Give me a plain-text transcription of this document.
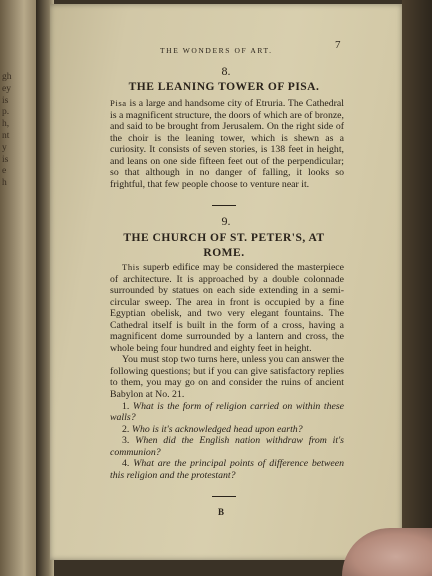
gh
ey
is
p.
h,
nt
y
is
e
h
THE WONDERS OF ART.	7
8.
THE LEANING TOWER OF PISA.

Pisa is a large and handsome city of Etruria. The Cathedral is a magnificent structure, the doors of which are of bronze, and said to be brought from Jerusalem. On the right side of the choir is the leaning tower, which is shewn as a curiosity. It consists of seven stories, is 138 feet in height, and leans on one side fifteen feet out of the perpendicular; so that although in no danger of falling, it looks so frightful, that few people choose to venture near it.

9.
THE CHURCH OF ST. PETER'S, AT ROME.

This superb edifice may be considered the masterpiece of architecture. It is approached by a double colonnade surrounded by statues on each side extending in a semi-circular sweep. The area in front is occupied by a fine Egyptian obelisk, and two very elegant fountains. The Cathedral itself is built in the form of a cross, having a magnificent dome surrounded by a lantern and cross, the whole being four hundred and eighty feet in height.

You must stop two turns here, unless you can answer the following questions; but if you can give satisfactory replies to them, you may go on and consider the ruins of ancient Babylon at No. 21.

1. What is the form of religion carried on within these walls?
2. Who is it's acknowledged head upon earth?
3. When did the English nation withdraw from it's communion?
4. What are the principal points of difference between this religion and the protestant?
B
